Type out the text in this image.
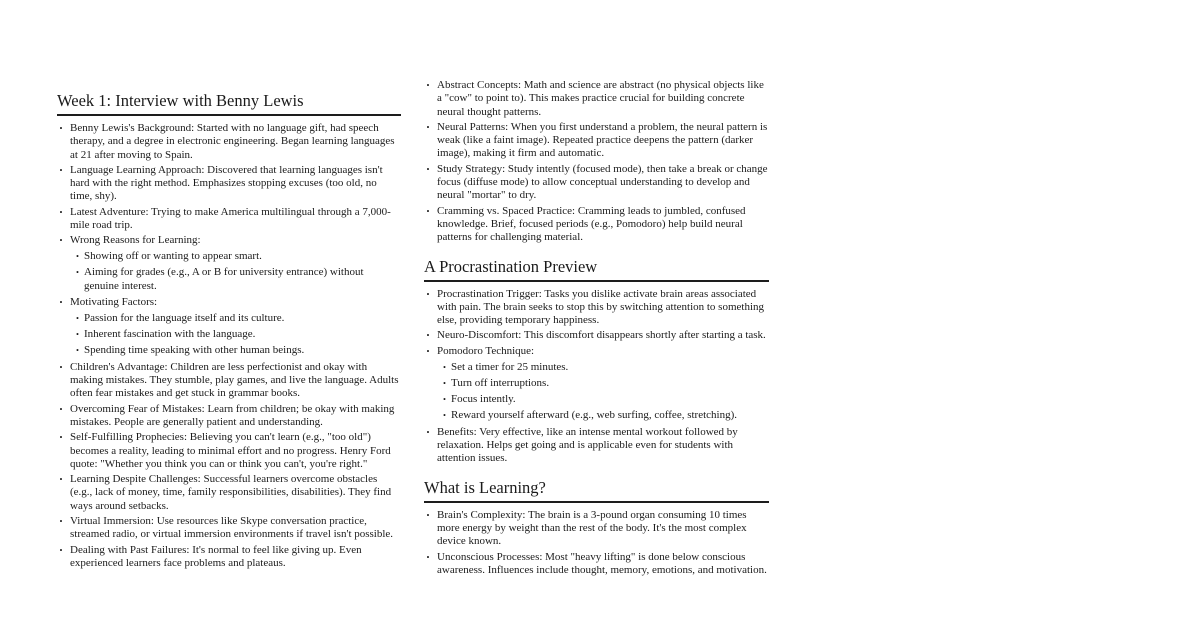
Week 1: Interview with Benny Lewis
• Benny Lewis's Background: Started with no language gift, had speech therapy, and a degree in electronic engineering. Began learning languages at 21 after moving to Spain.
• Language Learning Approach: Discovered that learning languages isn't hard with the right method. Emphasizes stopping excuses (too old, no time, shy).
• Latest Adventure: Trying to make America multilingual through a 7,000-mile road trip.
• Wrong Reasons for Learning:
• Showing off or wanting to appear smart.
• Aiming for grades (e.g., A or B for university entrance) without genuine interest.
• Motivating Factors:
• Passion for the language itself and its culture.
• Inherent fascination with the language.
• Spending time speaking with other human beings.
• Children's Advantage: Children are less perfectionist and okay with making mistakes. They stumble, play games, and live the language. Adults often fear mistakes and get stuck in grammar books.
• Overcoming Fear of Mistakes: Learn from children; be okay with making mistakes. People are generally patient and understanding.
• Self-Fulfilling Prophecies: Believing you can't learn (e.g., "too old") becomes a reality, leading to minimal effort and no progress. Henry Ford quote: "Whether you think you can or think you can't, you're right."
• Learning Despite Challenges: Successful learners overcome obstacles (e.g., lack of money, time, family responsibilities, disabilities). They find ways around setbacks.
• Virtual Immersion: Use resources like Skype conversation practice, streamed radio, or virtual immersion environments if travel isn't possible.
• Dealing with Past Failures: It's normal to feel like giving up. Even experienced learners face problems and plateaus.
• Abstract Concepts: Math and science are abstract (no physical objects like a "cow" to point to). This makes practice crucial for building concrete neural thought patterns.
• Neural Patterns: When you first understand a problem, the neural pattern is weak (like a faint image). Repeated practice deepens the pattern (darker image), making it firm and automatic.
• Study Strategy: Study intently (focused mode), then take a break or change focus (diffuse mode) to allow conceptual understanding to develop and neural "mortar" to dry.
• Cramming vs. Spaced Practice: Cramming leads to jumbled, confused knowledge. Brief, focused periods (e.g., Pomodoro) help build neural patterns for challenging material.
A Procrastination Preview
• Procrastination Trigger: Tasks you dislike activate brain areas associated with pain. The brain seeks to stop this by switching attention to something else, providing temporary happiness.
• Neuro-Discomfort: This discomfort disappears shortly after starting a task.
• Pomodoro Technique:
• Set a timer for 25 minutes.
• Turn off interruptions.
• Focus intently.
• Reward yourself afterward (e.g., web surfing, coffee, stretching).
• Benefits: Very effective, like an intense mental workout followed by relaxation. Helps get going and is applicable even for students with attention issues.
What is Learning?
• Brain's Complexity: The brain is a 3-pound organ consuming 10 times more energy by weight than the rest of the body. It's the most complex device known.
• Unconscious Processes: Most "heavy lifting" is done below conscious awareness. Influences include thought, memory, emotions, and motivation.
